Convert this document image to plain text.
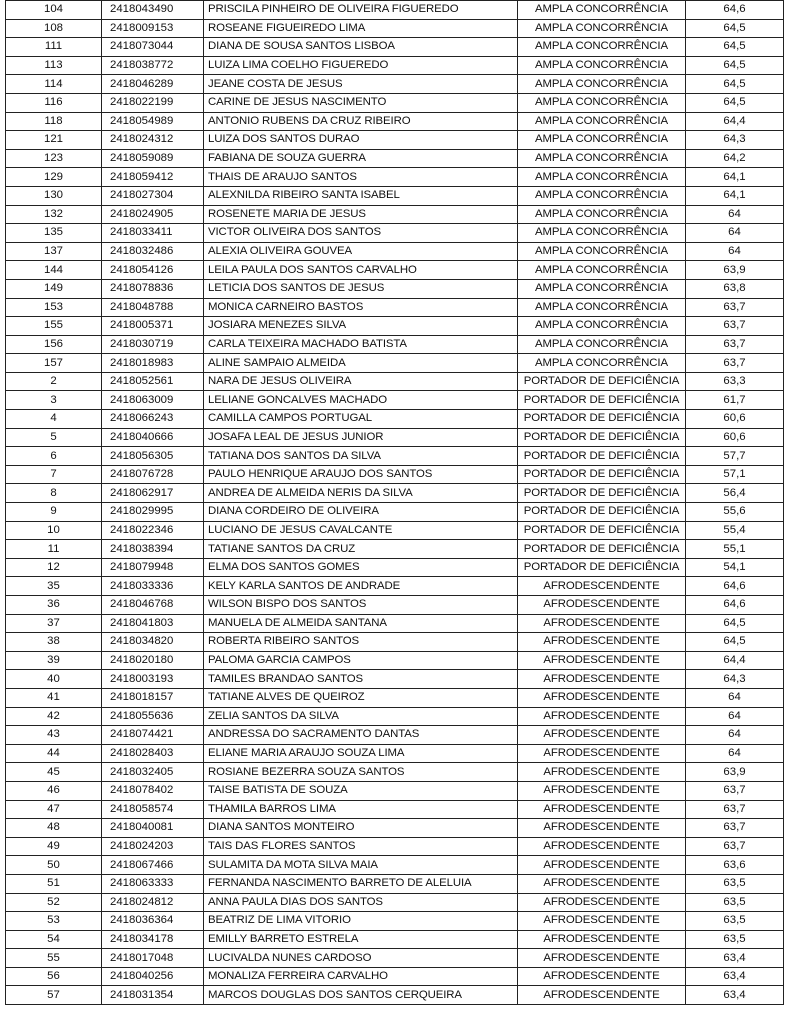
104	2418043490	PRISCILA PINHEIRO DE OLIVEIRA FIGUEREDO	AMPLA CONCORRÊNCIA	64,6
108	2418009153	ROSEANE FIGUEIREDO LIMA	AMPLA CONCORRÊNCIA	64,5
111	2418073044	DIANA DE SOUSA SANTOS LISBOA	AMPLA CONCORRÊNCIA	64,5
113	2418038772	LUIZA LIMA COELHO FIGUEREDO	AMPLA CONCORRÊNCIA	64,5
114	2418046289	JEANE COSTA DE JESUS	AMPLA CONCORRÊNCIA	64,5
116	2418022199	CARINE DE JESUS NASCIMENTO	AMPLA CONCORRÊNCIA	64,5
118	2418054989	ANTONIO RUBENS DA CRUZ RIBEIRO	AMPLA CONCORRÊNCIA	64,4
121	2418024312	LUIZA DOS SANTOS DURAO	AMPLA CONCORRÊNCIA	64,3
123	2418059089	FABIANA DE SOUZA GUERRA	AMPLA CONCORRÊNCIA	64,2
129	2418059412	THAIS DE ARAUJO SANTOS	AMPLA CONCORRÊNCIA	64,1
130	2418027304	ALEXNILDA RIBEIRO SANTA ISABEL	AMPLA CONCORRÊNCIA	64,1
132	2418024905	ROSENETE MARIA DE JESUS	AMPLA CONCORRÊNCIA	64
135	2418033411	VICTOR OLIVEIRA DOS SANTOS	AMPLA CONCORRÊNCIA	64
137	2418032486	ALEXIA OLIVEIRA GOUVEA	AMPLA CONCORRÊNCIA	64
144	2418054126	LEILA PAULA DOS SANTOS CARVALHO	AMPLA CONCORRÊNCIA	63,9
149	2418078836	LETICIA DOS SANTOS DE JESUS	AMPLA CONCORRÊNCIA	63,8
153	2418048788	MONICA CARNEIRO BASTOS	AMPLA CONCORRÊNCIA	63,7
155	2418005371	JOSIARA MENEZES SILVA	AMPLA CONCORRÊNCIA	63,7
156	2418030719	CARLA TEIXEIRA MACHADO BATISTA	AMPLA CONCORRÊNCIA	63,7
157	2418018983	ALINE SAMPAIO ALMEIDA	AMPLA CONCORRÊNCIA	63,7
2	2418052561	NARA DE JESUS OLIVEIRA	PORTADOR DE DEFICIÊNCIA	63,3
3	2418063009	LELIANE GONCALVES MACHADO	PORTADOR DE DEFICIÊNCIA	61,7
4	2418066243	CAMILLA CAMPOS PORTUGAL	PORTADOR DE DEFICIÊNCIA	60,6
5	2418040666	JOSAFA LEAL DE JESUS JUNIOR	PORTADOR DE DEFICIÊNCIA	60,6
6	2418056305	TATIANA DOS SANTOS DA SILVA	PORTADOR DE DEFICIÊNCIA	57,7
7	2418076728	PAULO HENRIQUE ARAUJO DOS SANTOS	PORTADOR DE DEFICIÊNCIA	57,1
8	2418062917	ANDREA DE ALMEIDA NERIS DA SILVA	PORTADOR DE DEFICIÊNCIA	56,4
9	2418029995	DIANA CORDEIRO DE OLIVEIRA	PORTADOR DE DEFICIÊNCIA	55,6
10	2418022346	LUCIANO DE JESUS CAVALCANTE	PORTADOR DE DEFICIÊNCIA	55,4
11	2418038394	TATIANE SANTOS DA CRUZ	PORTADOR DE DEFICIÊNCIA	55,1
12	2418079948	ELMA DOS SANTOS GOMES	PORTADOR DE DEFICIÊNCIA	54,1
35	2418033336	KELY KARLA SANTOS DE ANDRADE	AFRODESCENDENTE	64,6
36	2418046768	WILSON BISPO DOS SANTOS	AFRODESCENDENTE	64,6
37	2418041803	MANUELA DE ALMEIDA SANTANA	AFRODESCENDENTE	64,5
38	2418034820	ROBERTA RIBEIRO SANTOS	AFRODESCENDENTE	64,5
39	2418020180	PALOMA GARCIA CAMPOS	AFRODESCENDENTE	64,4
40	2418003193	TAMILES BRANDAO SANTOS	AFRODESCENDENTE	64,3
41	2418018157	TATIANE ALVES DE QUEIROZ	AFRODESCENDENTE	64
42	2418055636	ZELIA SANTOS DA SILVA	AFRODESCENDENTE	64
43	2418074421	ANDRESSA DO SACRAMENTO DANTAS	AFRODESCENDENTE	64
44	2418028403	ELIANE MARIA ARAUJO SOUZA LIMA	AFRODESCENDENTE	64
45	2418032405	ROSIANE BEZERRA SOUZA SANTOS	AFRODESCENDENTE	63,9
46	2418078402	TAISE BATISTA DE SOUZA	AFRODESCENDENTE	63,7
47	2418058574	THAMILA BARROS LIMA	AFRODESCENDENTE	63,7
48	2418040081	DIANA SANTOS MONTEIRO	AFRODESCENDENTE	63,7
49	2418024203	TAIS DAS FLORES SANTOS	AFRODESCENDENTE	63,7
50	2418067466	SULAMITA DA MOTA SILVA MAIA	AFRODESCENDENTE	63,6
51	2418063333	FERNANDA NASCIMENTO BARRETO DE ALELUIA	AFRODESCENDENTE	63,5
52	2418024812	ANNA PAULA DIAS DOS SANTOS	AFRODESCENDENTE	63,5
53	2418036364	BEATRIZ DE LIMA VITORIO	AFRODESCENDENTE	63,5
54	2418034178	EMILLY BARRETO ESTRELA	AFRODESCENDENTE	63,5
55	2418017048	LUCIVALDA NUNES CARDOSO	AFRODESCENDENTE	63,4
56	2418040256	MONALIZA FERREIRA CARVALHO	AFRODESCENDENTE	63,4
57	2418031354	MARCOS DOUGLAS DOS SANTOS CERQUEIRA	AFRODESCENDENTE	63,4
